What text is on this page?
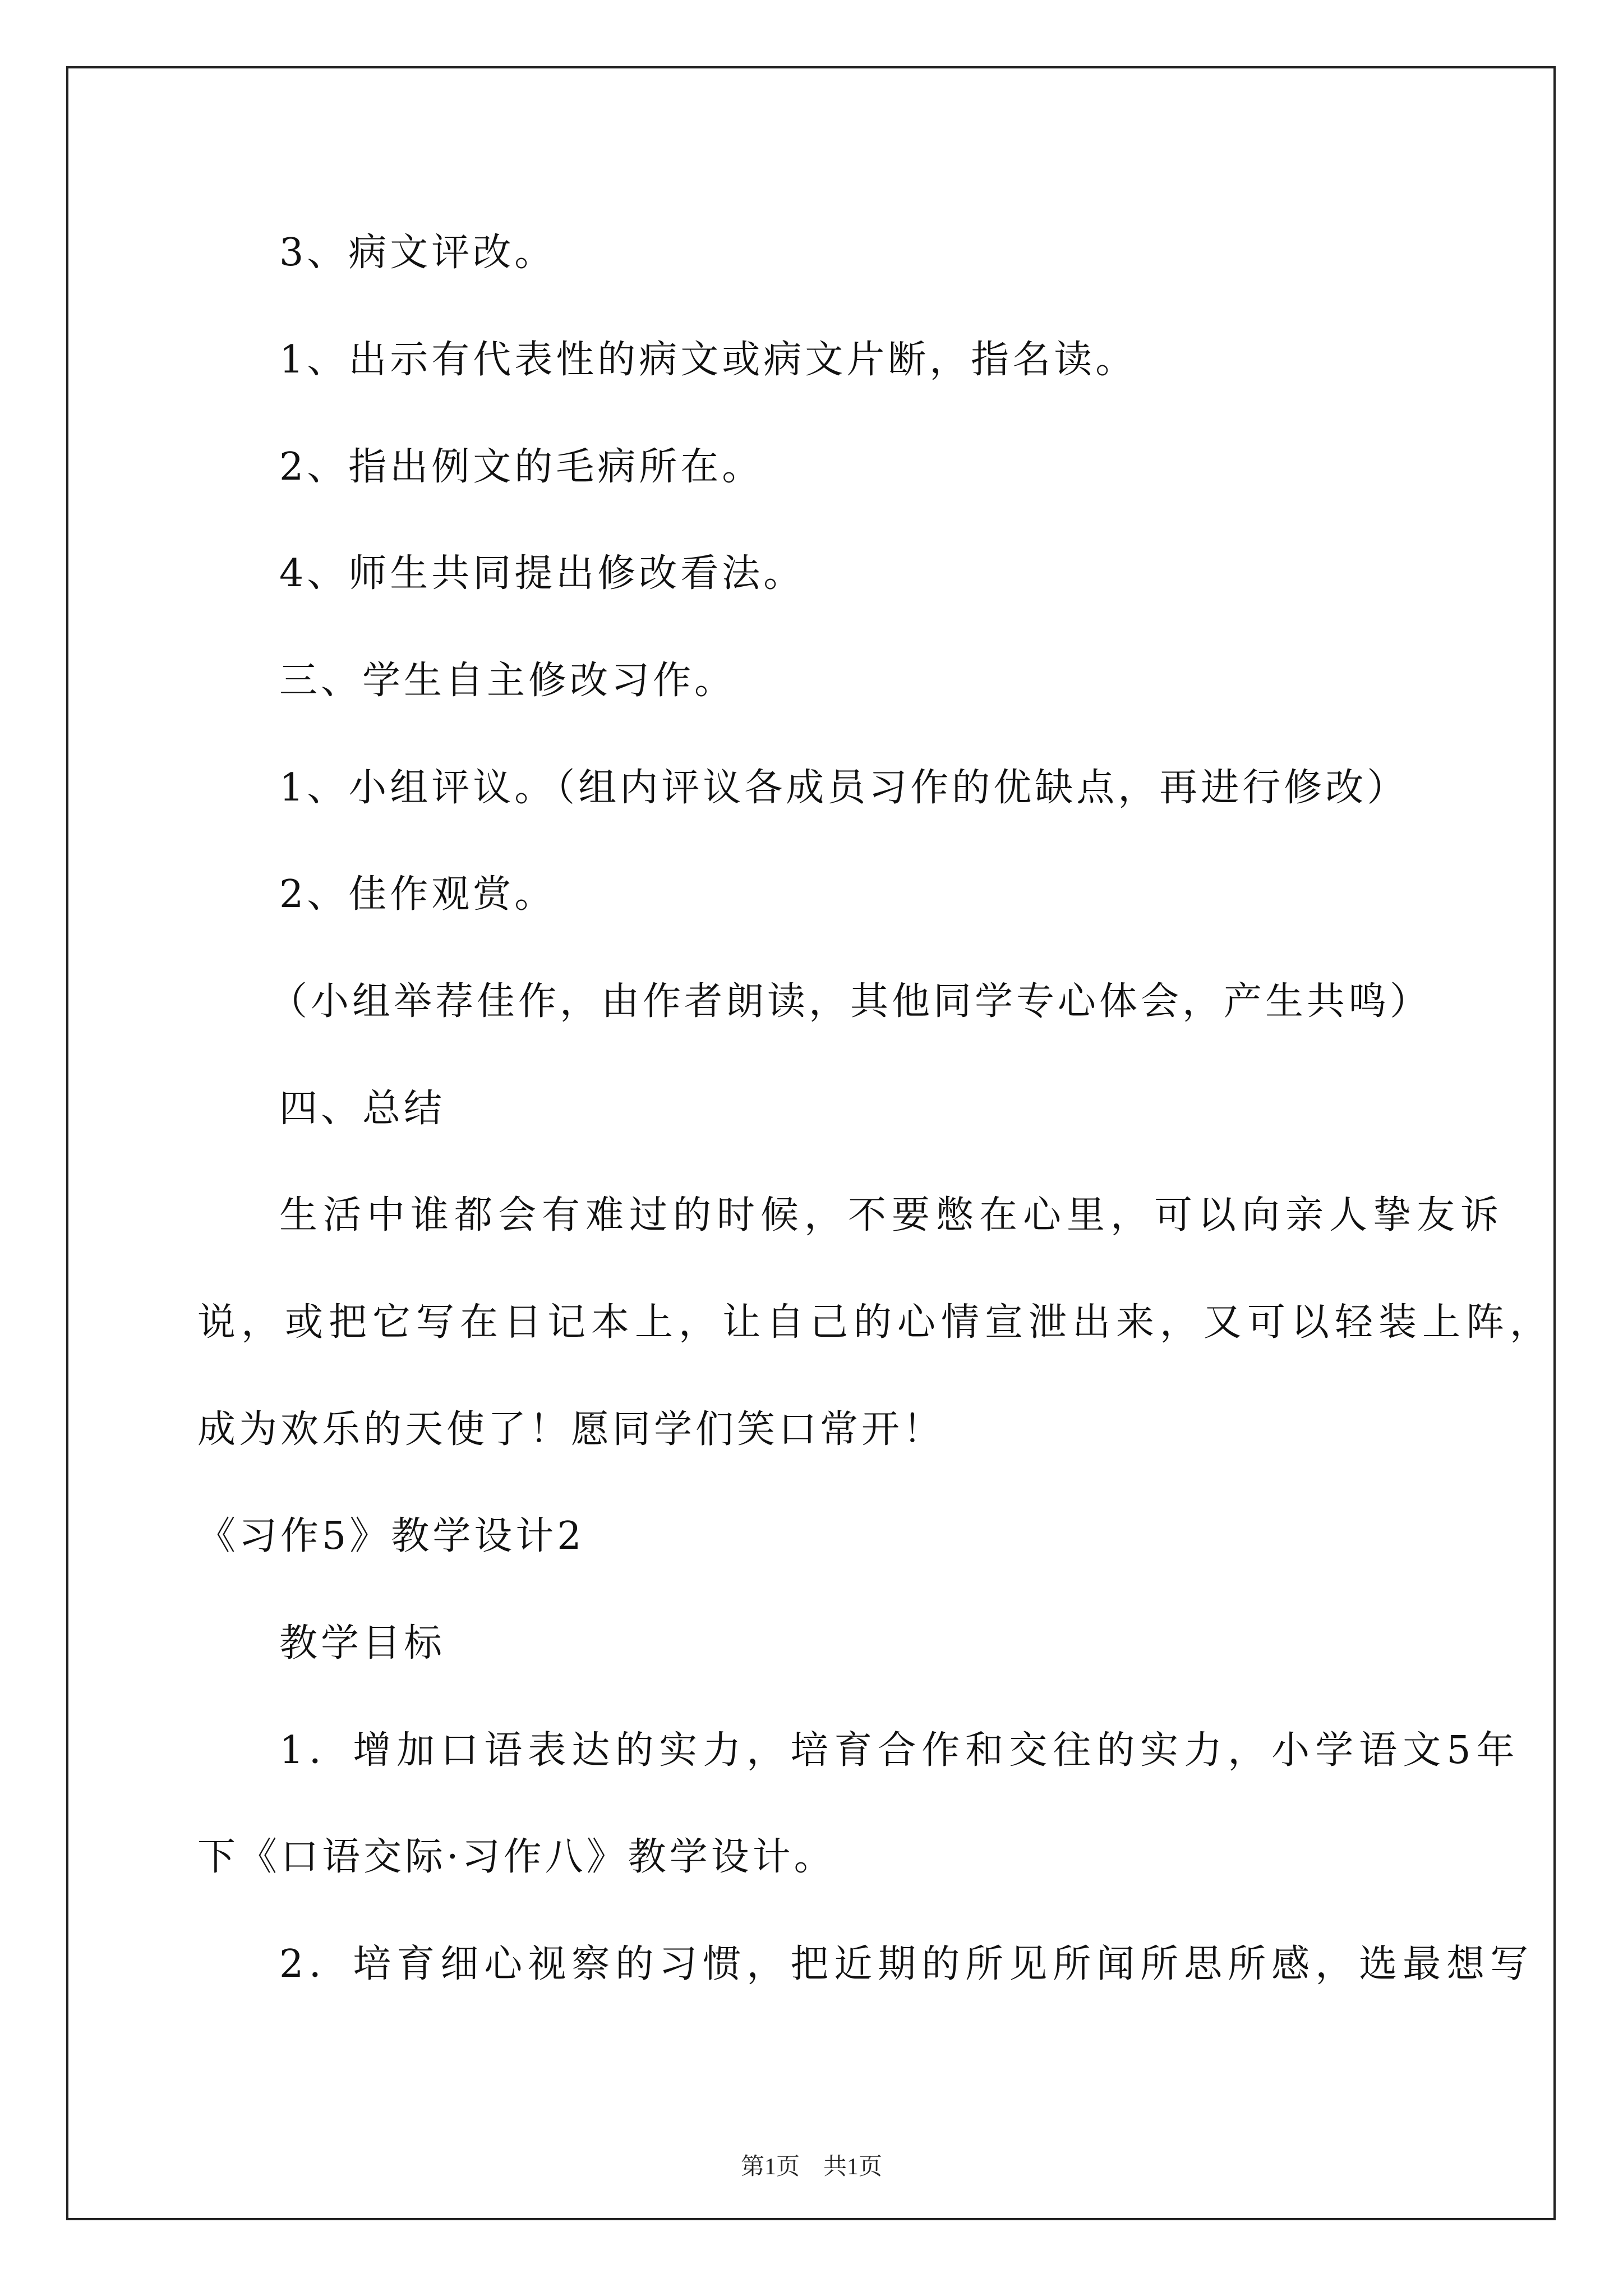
3、病文评改。
1、出示有代表性的病文或病文片断，指名读。
2、指出例文的毛病所在。
4、师生共同提出修改看法。
三、学生自主修改习作。
1、小组评议。（组内评议各成员习作的优缺点，再进行修改）
2、佳作观赏。
（小组举荐佳作，由作者朗读，其他同学专心体会，产生共鸣）
四、总结
生活中谁都会有难过的时候，不要憋在心里，可以向亲人挚友诉
说，或把它写在日记本上，让自己的心情宣泄出来，又可以轻装上阵，
成为欢乐的天使了！愿同学们笑口常开！
《习作5》教学设计2
教学目标
1．增加口语表达的实力，培育合作和交往的实力，小学语文5年
下《口语交际·习作八》教学设计。
2．培育细心视察的习惯，把近期的所见所闻所思所感，选最想写
第1页　共1页
